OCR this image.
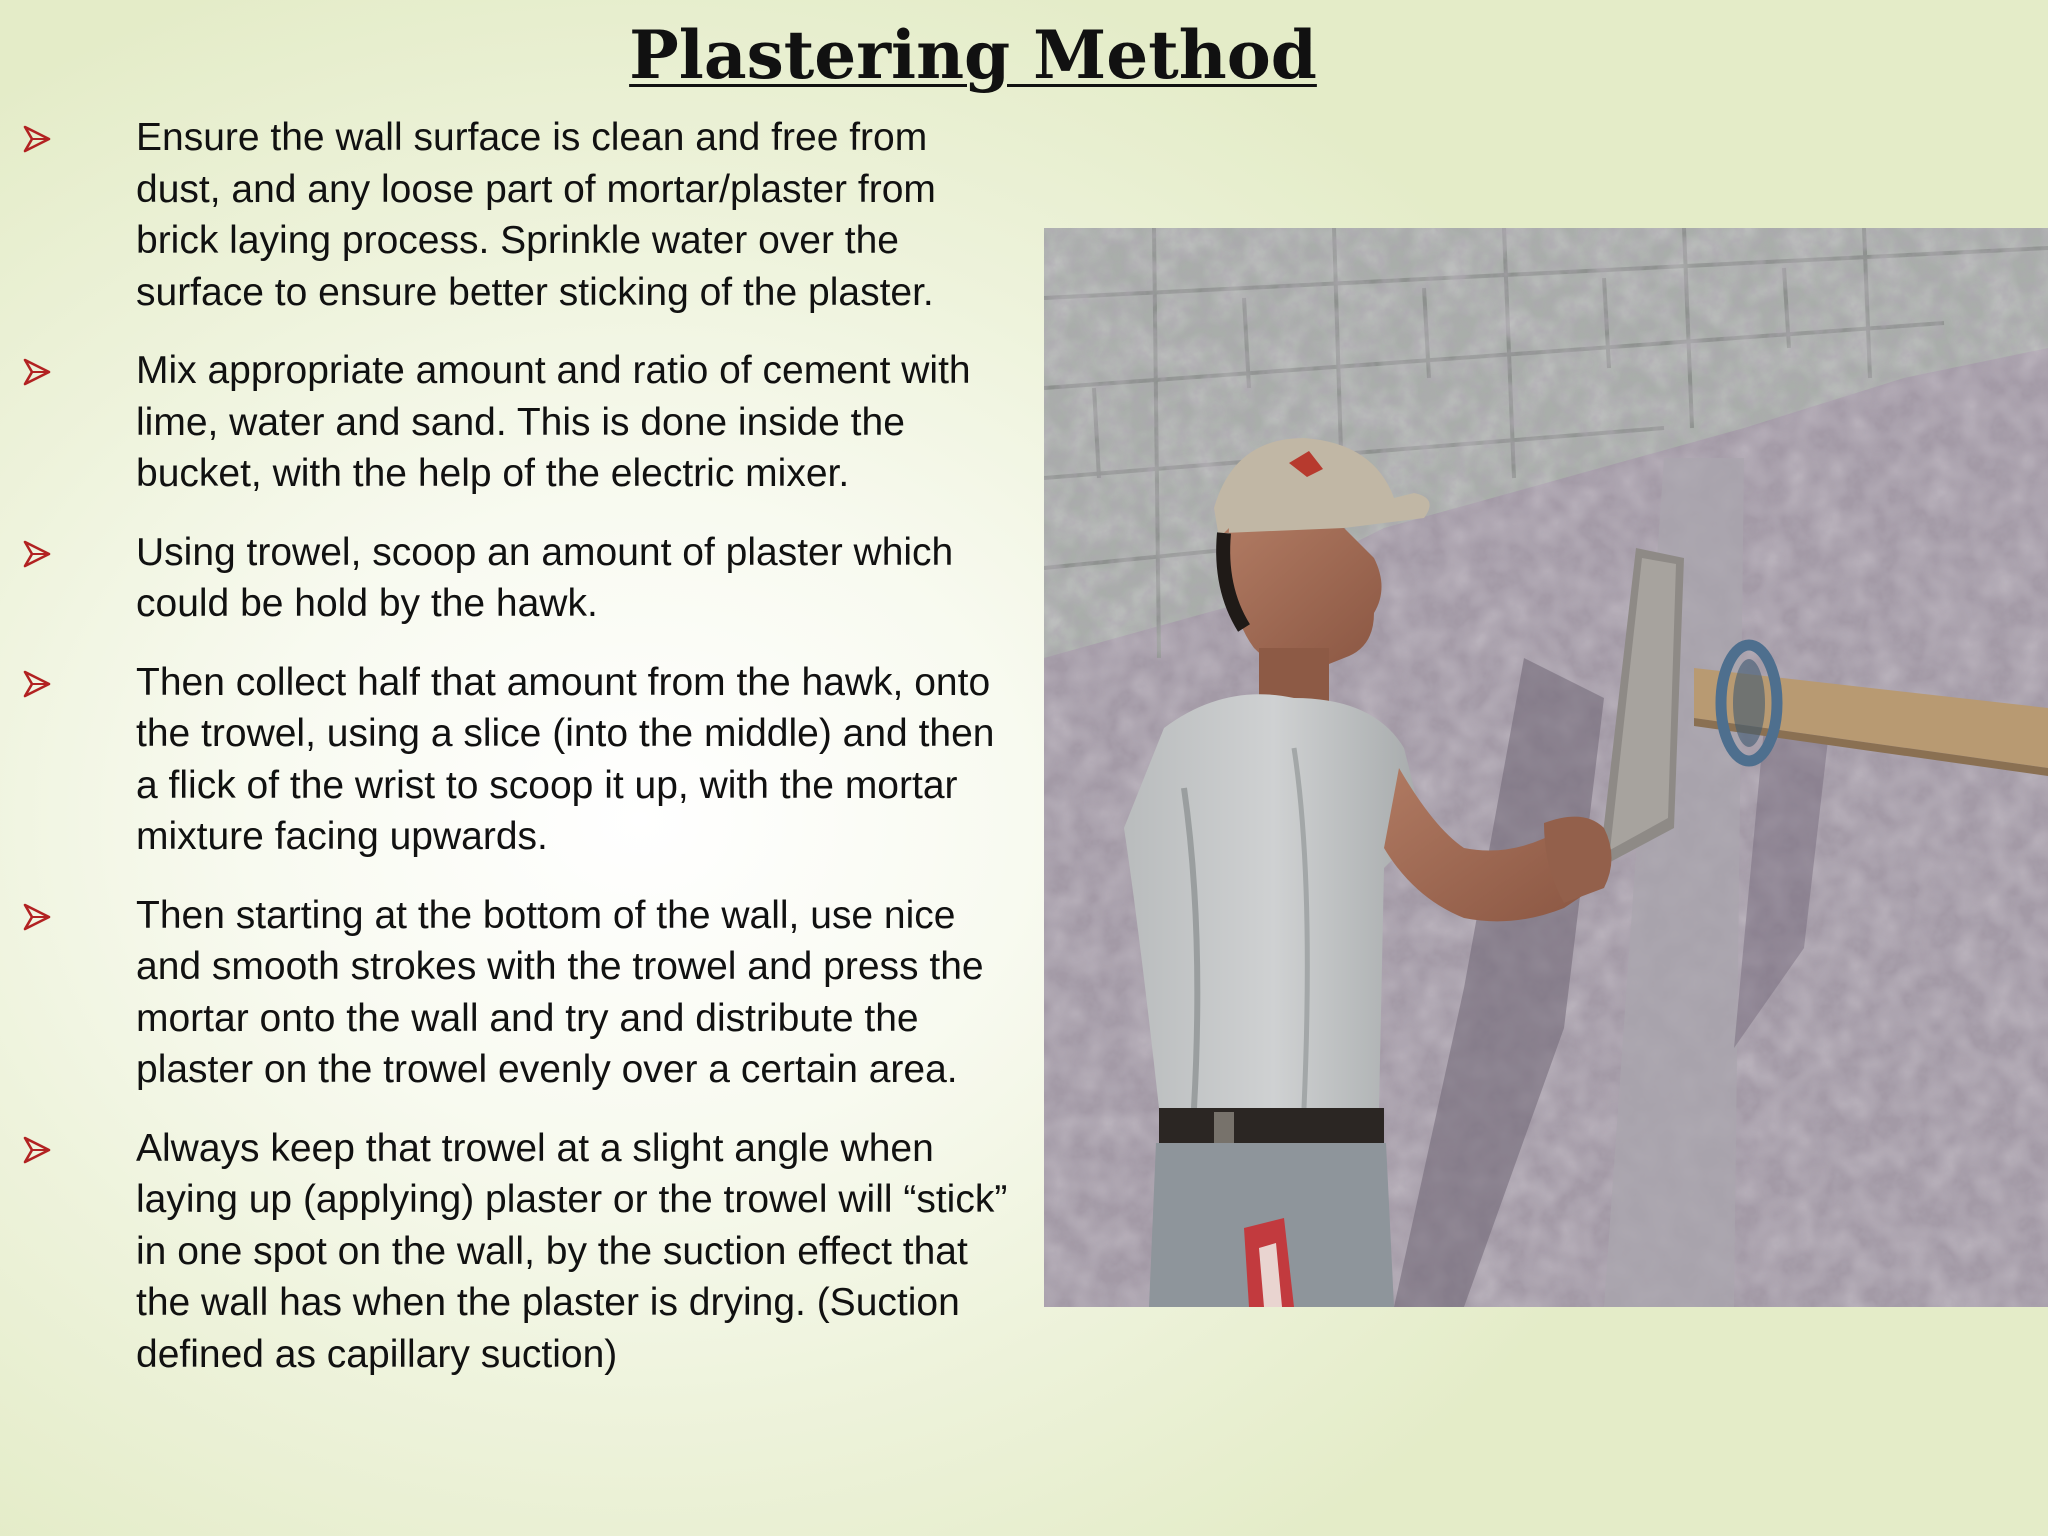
Plastering Method
Ensure the wall surface is clean and free from dust, and any loose part of mortar/plaster from brick laying process. Sprinkle water over the surface to ensure better sticking of the plaster.
Mix appropriate amount and ratio of cement with lime, water and sand. This is done inside the bucket, with the help of the electric mixer.
Using trowel, scoop an amount of plaster which could be hold by the hawk.
Then collect half that amount from the hawk, onto the trowel, using a slice (into the middle) and then a flick of the wrist to scoop it up, with the mortar mixture facing upwards.
Then starting at the bottom of the wall, use nice and smooth strokes with the trowel and press the mortar onto the wall and try and distribute the plaster on the trowel evenly over a certain area.
Always keep that trowel at a slight angle when laying up (applying) plaster or the trowel will “stick” in one spot on the wall, by the suction effect that the wall has when the plaster is drying. (Suction defined as capillary suction)
